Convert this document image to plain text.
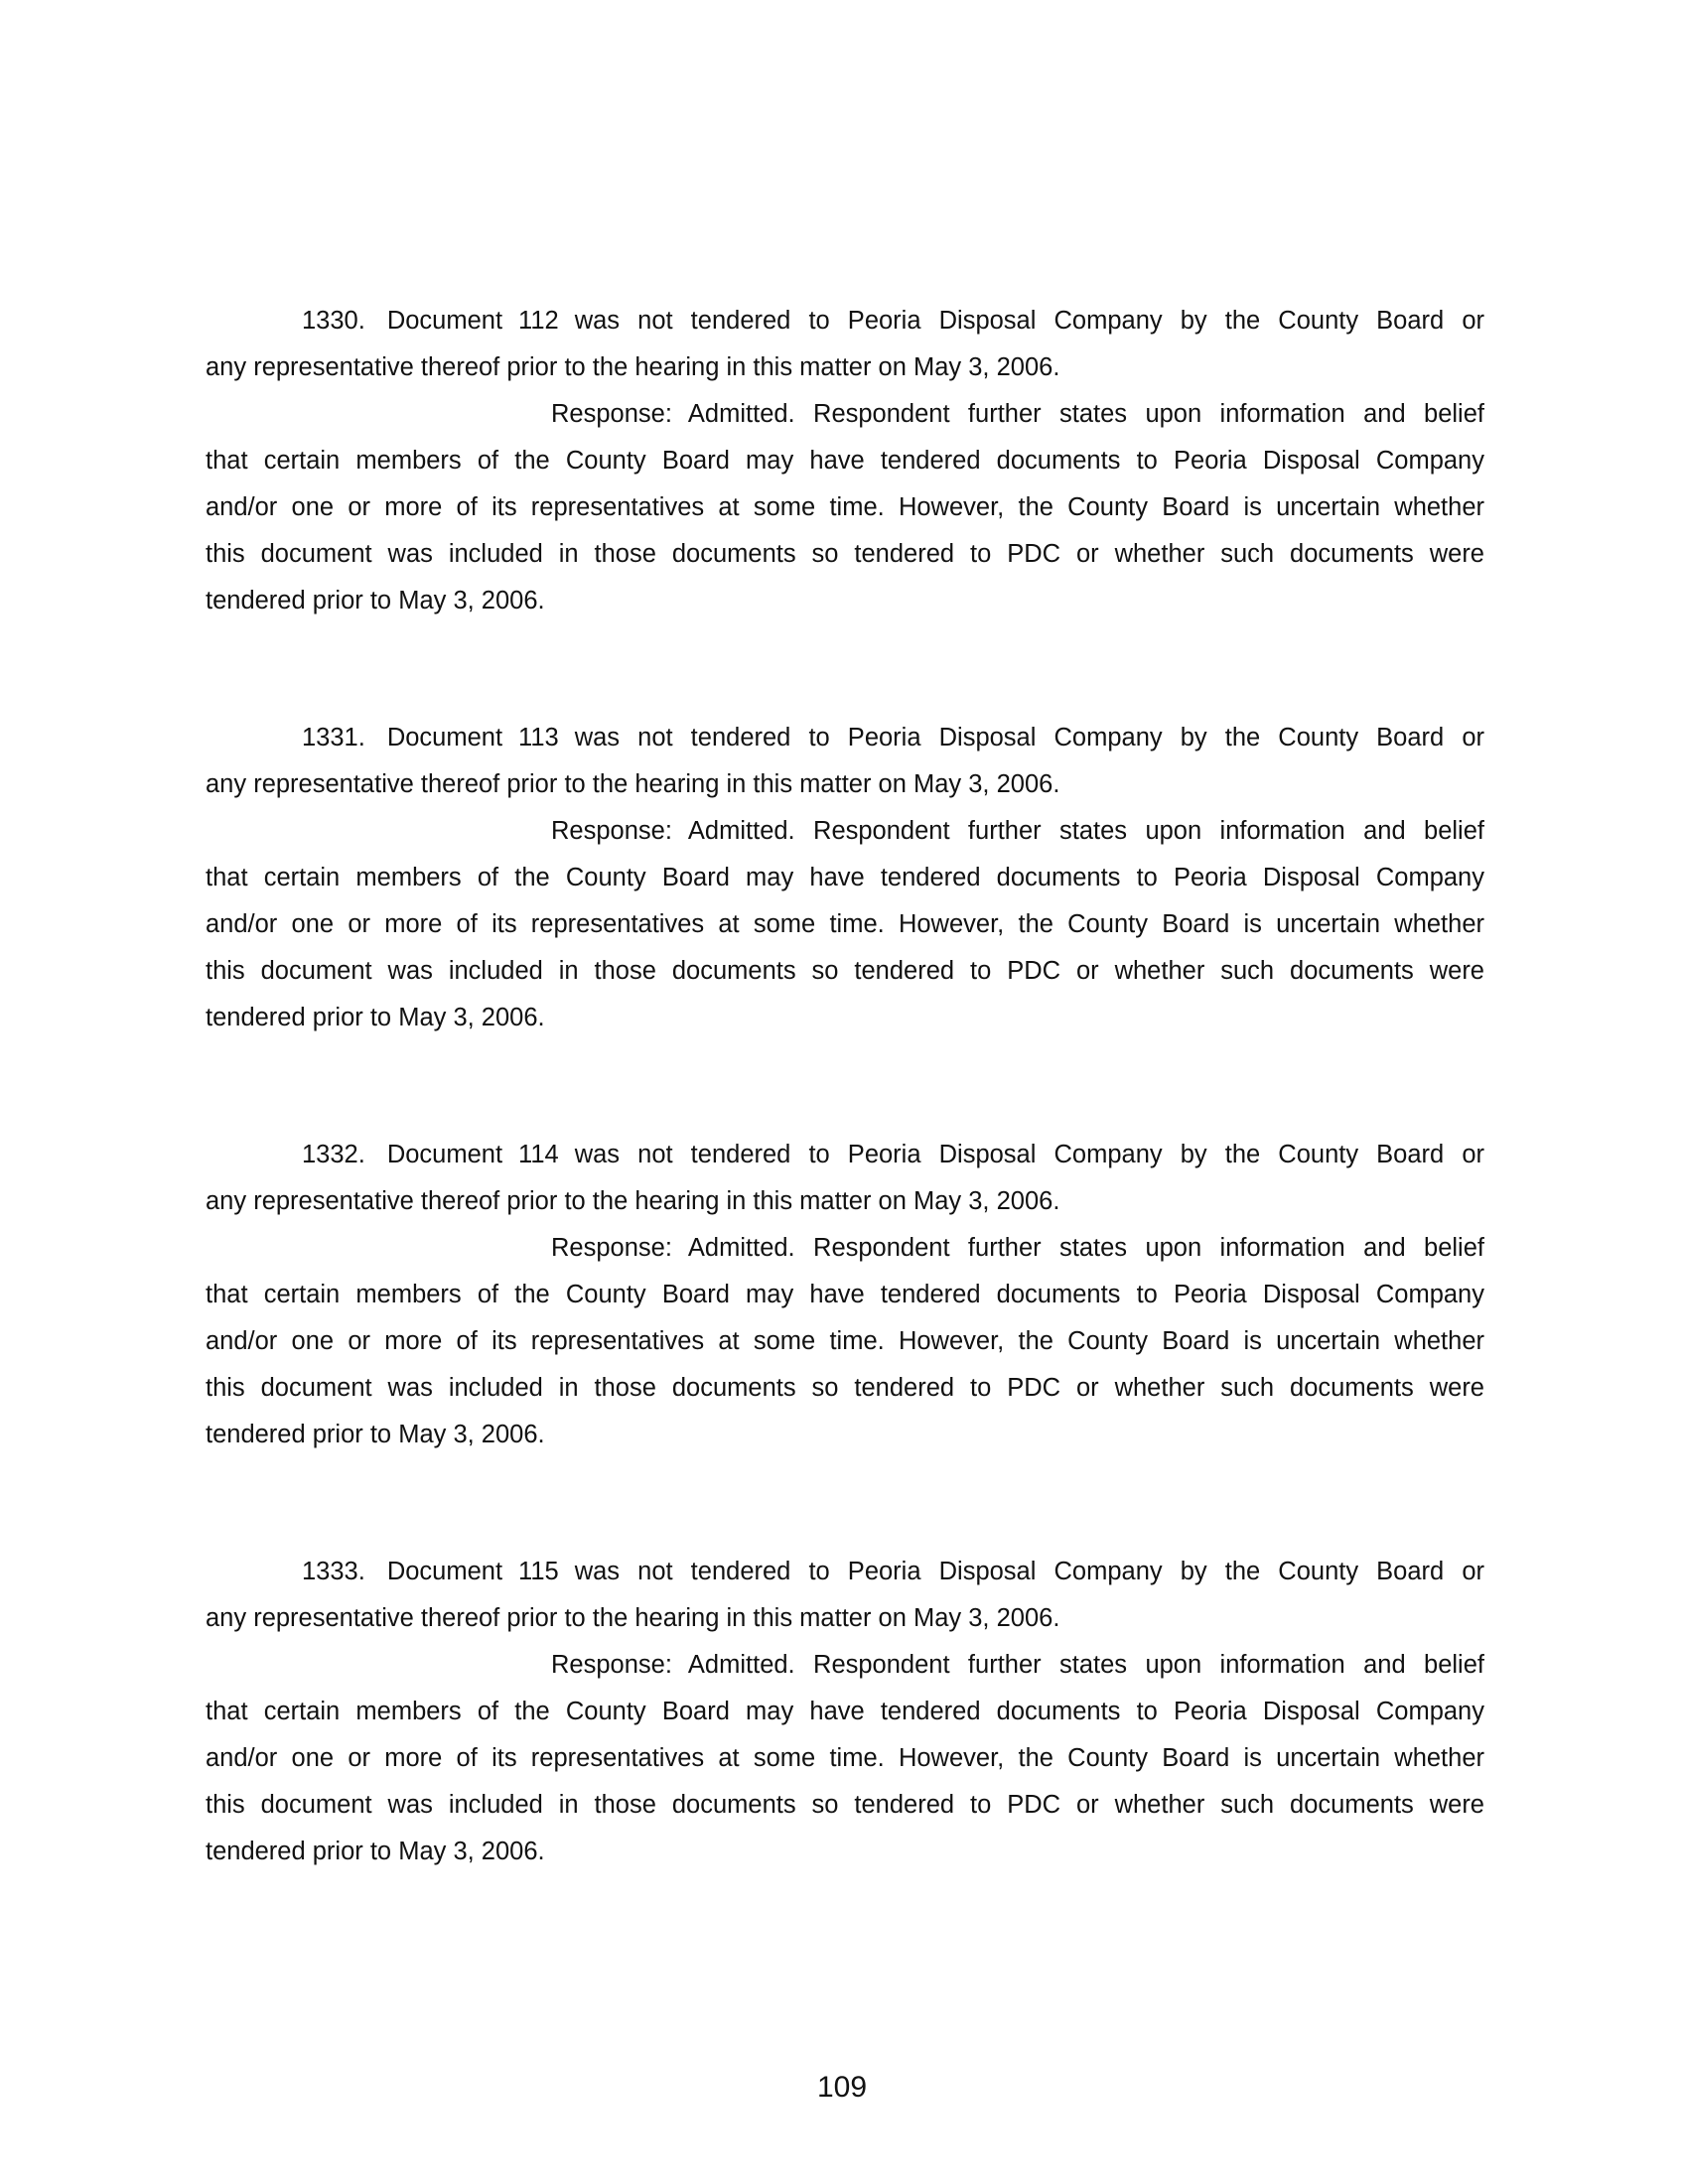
1330. Document 112 was not tendered to Peoria Disposal Company by the County Board or
any representative thereof prior to the hearing in this matter on May 3, 2006.
Response: Admitted. Respondent further states upon information and belief
that certain members of the County Board may have tendered documents to Peoria Disposal Company
and/or one or more of its representatives at some time. However, the County Board is uncertain whether
this document was included in those documents so tendered to PDC or whether such documents were
tendered prior to May 3, 2006.
1331. Document 113 was not tendered to Peoria Disposal Company by the County Board or
any representative thereof prior to the hearing in this matter on May 3, 2006.
Response: Admitted. Respondent further states upon information and belief
that certain members of the County Board may have tendered documents to Peoria Disposal Company
and/or one or more of its representatives at some time. However, the County Board is uncertain whether
this document was included in those documents so tendered to PDC or whether such documents were
tendered prior to May 3, 2006.
1332. Document 114 was not tendered to Peoria Disposal Company by the County Board or
any representative thereof prior to the hearing in this matter on May 3, 2006.
Response: Admitted. Respondent further states upon information and belief
that certain members of the County Board may have tendered documents to Peoria Disposal Company
and/or one or more of its representatives at some time. However, the County Board is uncertain whether
this document was included in those documents so tendered to PDC or whether such documents were
tendered prior to May 3, 2006.
1333. Document 115 was not tendered to Peoria Disposal Company by the County Board or
any representative thereof prior to the hearing in this matter on May 3, 2006.
Response: Admitted. Respondent further states upon information and belief
that certain members of the County Board may have tendered documents to Peoria Disposal Company
and/or one or more of its representatives at some time. However, the County Board is uncertain whether
this document was included in those documents so tendered to PDC or whether such documents were
tendered prior to May 3, 2006.
109
